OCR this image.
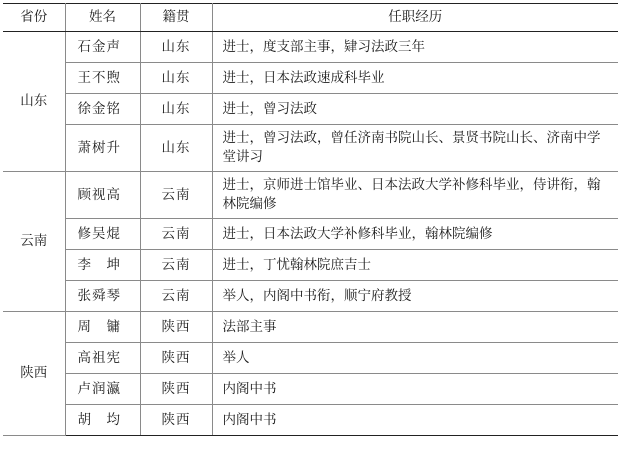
省份	姓名	籍贯	任职经历
山东	石金声	山东	进士，度支部主事，肄习法政三年
	王不煦	山东	进士，日本法政速成科毕业
	徐金铭	山东	进士，曾习法政
	萧树升	山东	进士，曾习法政，曾任济南书院山长、景贤书院山长、济南中学堂讲习
云南	顾视高	云南	进士，京师进士馆毕业、日本法政大学补修科毕业，侍讲衔，翰林院编修
	修吴焜	云南	进士，日本法政大学补修科毕业，翰林院编修
	李　坤	云南	进士，丁忧翰林院庶吉士
	张舜琴	云南	举人，内阁中书衔，顺宁府教授
陕西	周　镛	陕西	法部主事
	高祖宪	陕西	举人
	卢润瀛	陕西	内阁中书
	胡　均	陕西	内阁中书
